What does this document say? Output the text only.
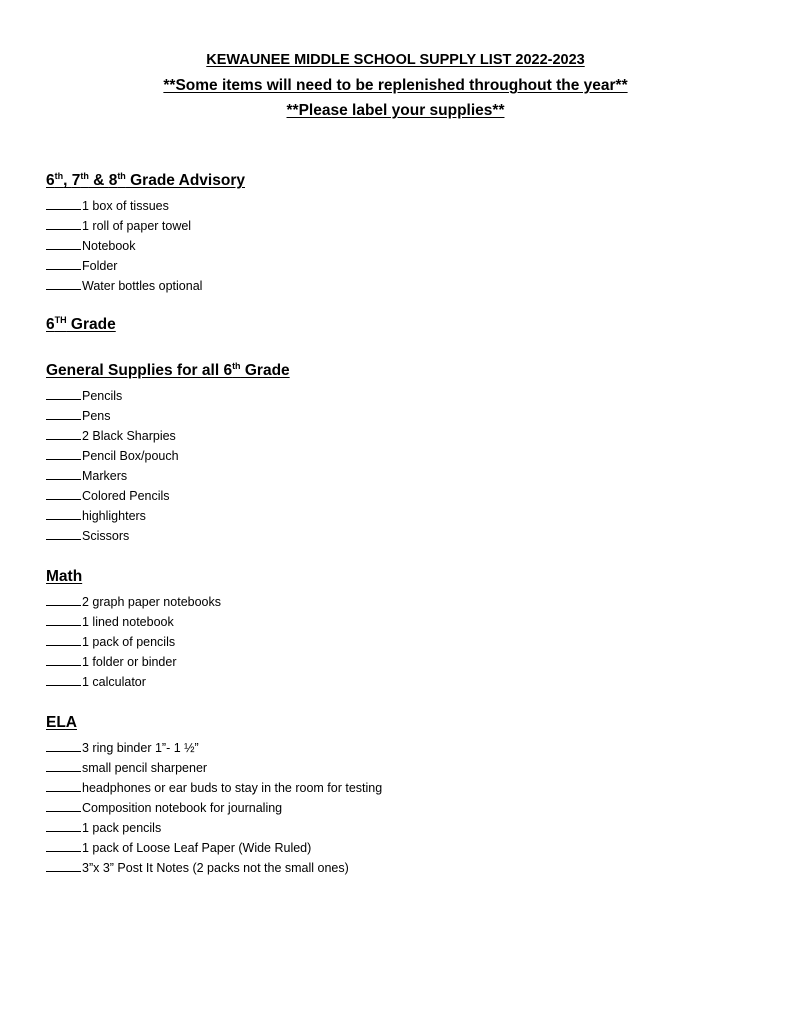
KEWAUNEE MIDDLE SCHOOL SUPPLY LIST 2022-2023
**Some items will need to be replenished throughout the year**
**Please label your supplies**
6th, 7th & 8th Grade Advisory
1 box of tissues
1 roll of paper towel
Notebook
Folder
Water bottles optional
6TH Grade
General Supplies for all 6th Grade
Pencils
Pens
2 Black Sharpies
Pencil Box/pouch
Markers
Colored Pencils
highlighters
Scissors
Math
2 graph paper notebooks
1 lined notebook
1 pack of pencils
1 folder or binder
1 calculator
ELA
3 ring binder 1”- 1 ½”
small pencil sharpener
headphones or ear buds to stay in the room for testing
Composition notebook for journaling
1 pack pencils
1 pack of Loose Leaf Paper (Wide Ruled)
3”x 3” Post It Notes (2 packs not the small ones)
